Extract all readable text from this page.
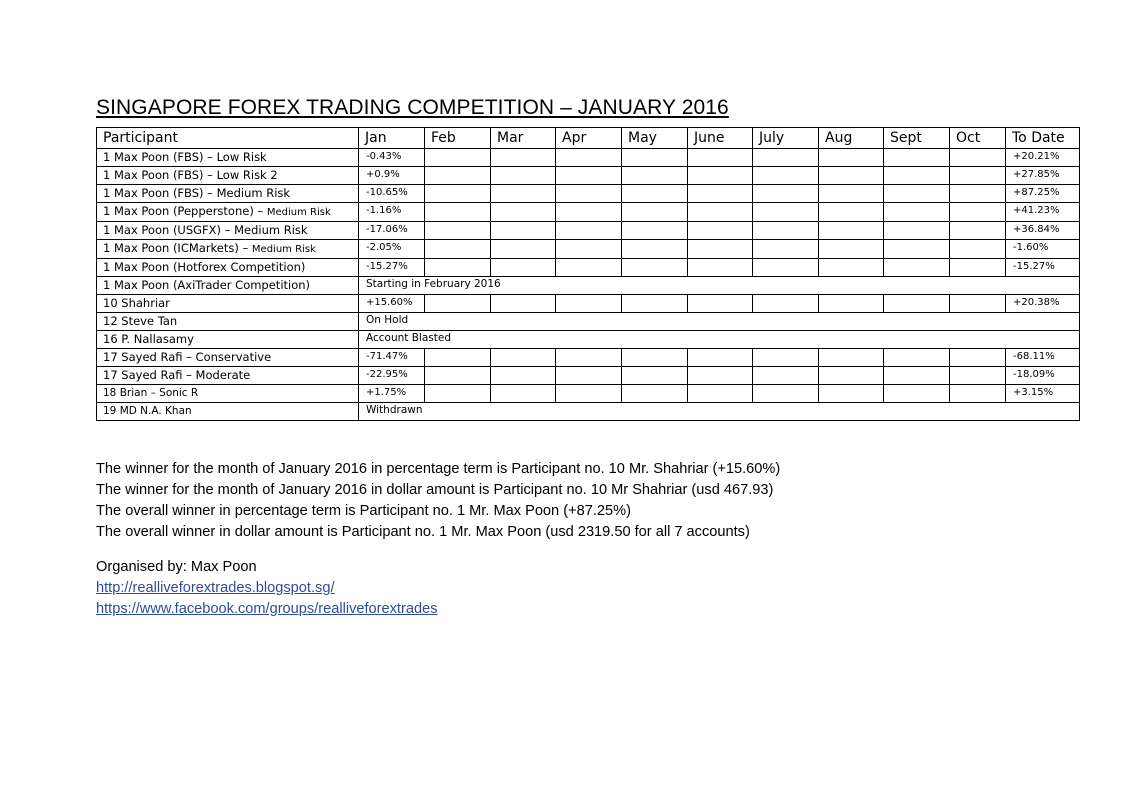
SINGAPORE FOREX TRADING COMPETITION – JANUARY 2016
Participant	Jan	Feb	Mar	Apr	May	June	July	Aug	Sept	Oct	To Date
1 Max Poon (FBS) – Low Risk	-0.43%										+20.21%
1 Max Poon (FBS) – Low Risk 2	+0.9%										+27.85%
1 Max Poon (FBS) – Medium Risk	-10.65%										+87.25%
1 Max Poon (Pepperstone) – Medium Risk	-1.16%										+41.23%
1 Max Poon (USGFX) – Medium Risk	-17.06%										+36.84%
1 Max Poon (ICMarkets) – Medium Risk	-2.05%										-1.60%
1 Max Poon (Hotforex Competition)	-15.27%										-15.27%
1 Max Poon (AxiTrader Competition)	Starting in February 2016										
10 Shahriar	+15.60%										+20.38%
12 Steve Tan	On Hold										
16 P. Nallasamy	Account Blasted										
17 Sayed Rafi – Conservative	-71.47%										-68.11%
17 Sayed Rafi – Moderate	-22.95%										-18.09%
18 Brian – Sonic R	+1.75%										+3.15%
19 MD N.A. Khan	Withdrawn										

The winner for the month of January 2016 in percentage term is Participant no. 10 Mr. Shahriar (+15.60%)

The winner for the month of January 2016 in dollar amount is Participant no. 10 Mr Shahriar (usd 467.93)

The overall winner in percentage term is Participant no. 1 Mr. Max Poon (+87.25%)

The overall winner in dollar amount is Participant no. 1 Mr. Max Poon (usd 2319.50 for all 7 accounts)

Organised by: Max Poon

http://realliveforextrades.blogspot.sg/

https://www.facebook.com/groups/realliveforextrades
